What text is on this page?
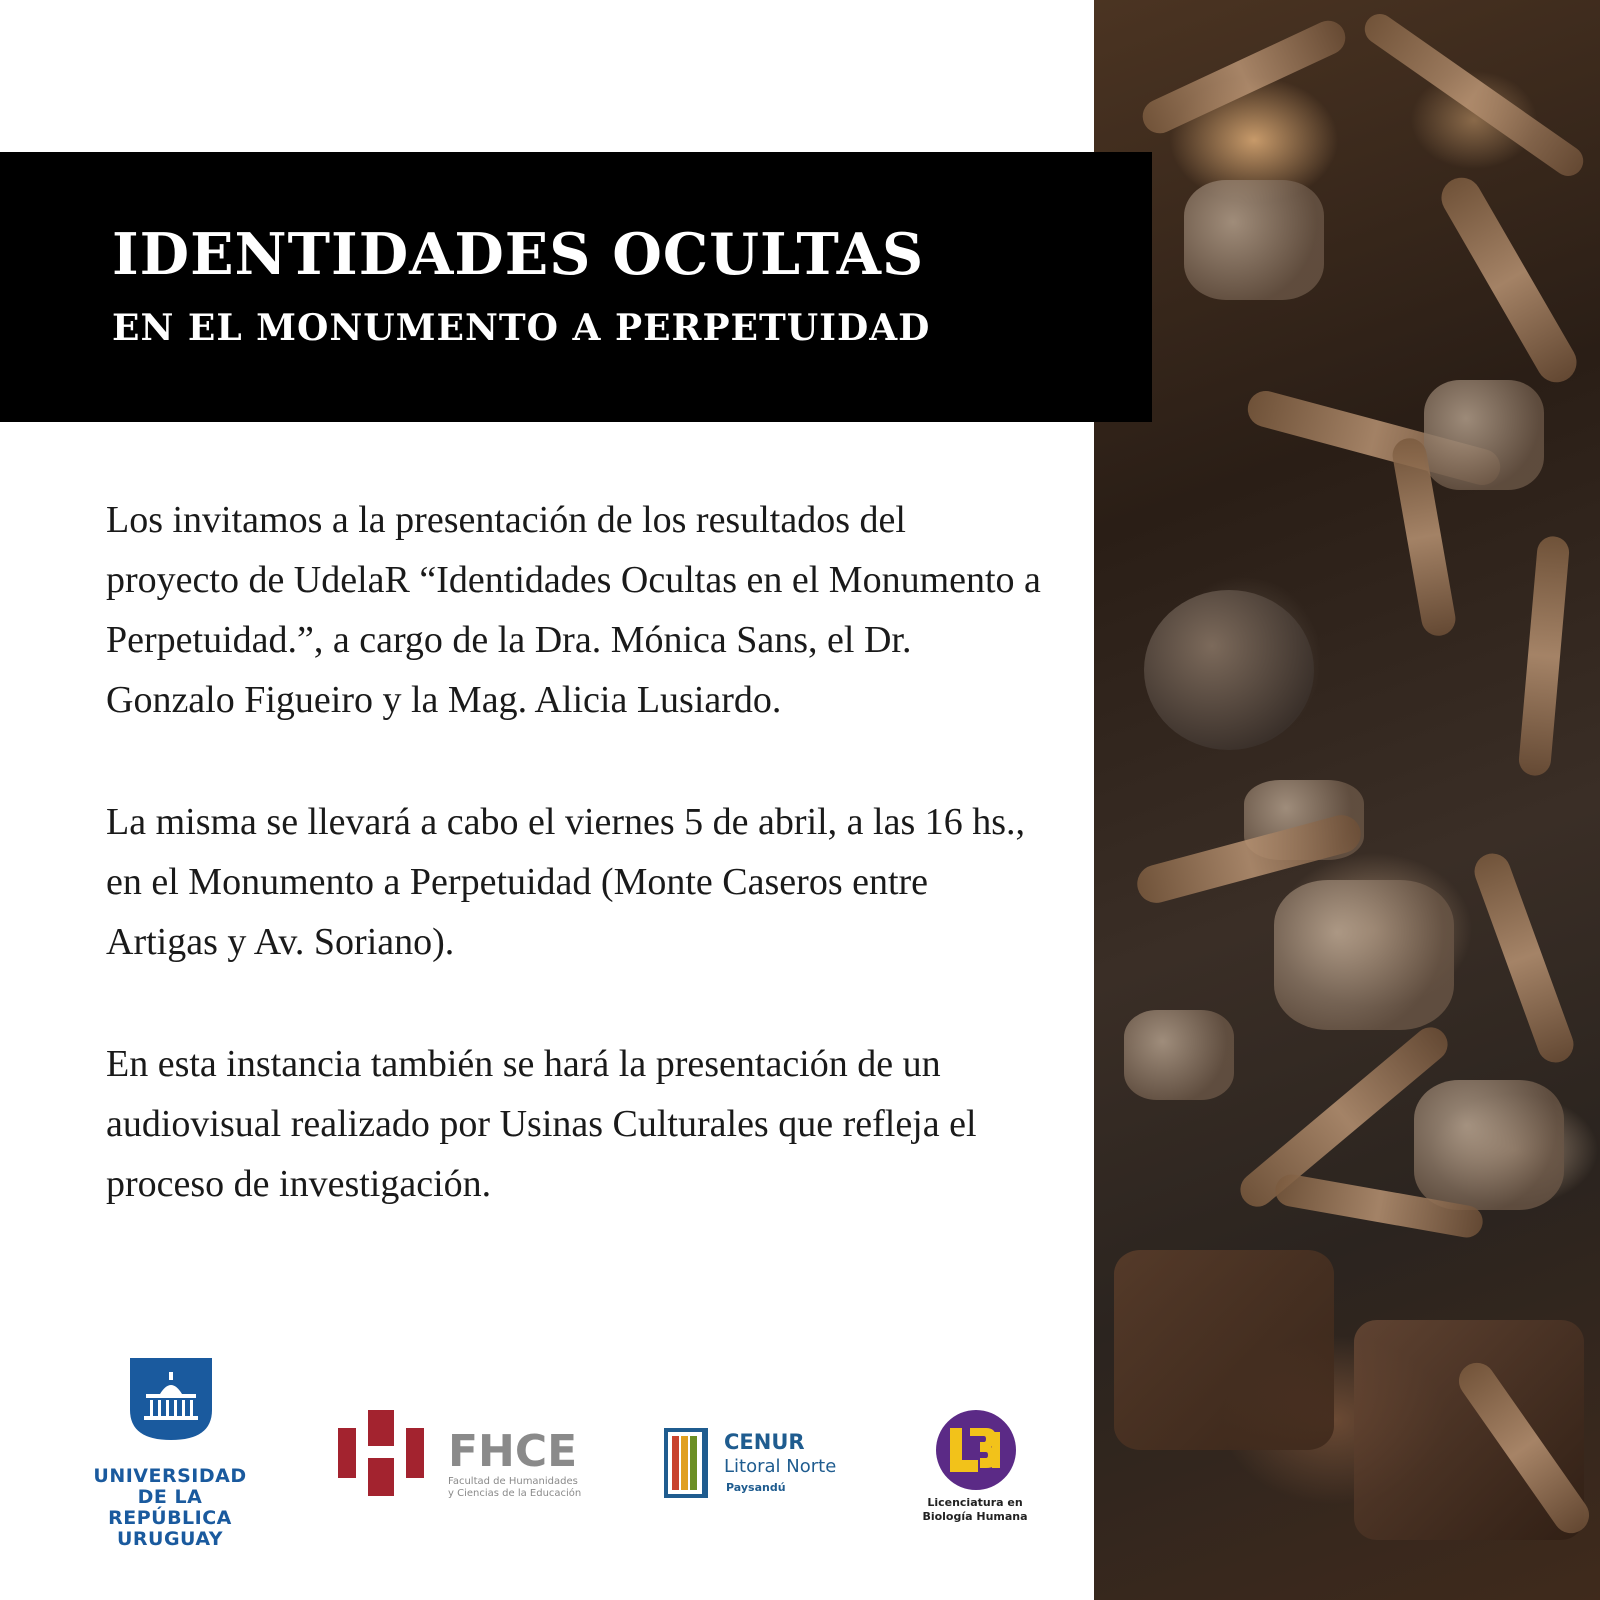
IDENTIDADES OCULTAS
EN EL MONUMENTO A PERPETUIDAD

Los invitamos a la presentación de los resultados del proyecto de UdelaR “Identidades Ocultas en el Monumento a Perpetuidad.”, a cargo de la Dra. Mónica Sans, el Dr. Gonzalo Figueiro y la Mag. Alicia Lusiardo.

La misma se llevará a cabo el viernes 5 de abril, a las 16 hs., en el Monumento a Perpetuidad (Monte Caseros entre Artigas y Av. Soriano).

En esta instancia también se hará la presentación de un audiovisual realizado por Usinas Culturales que refleja el proceso de investigación.

UNIVERSIDAD
DE LA REPÚBLICA
URUGUAY
FHCE
Facultad de Humanidades
y Ciencias de la Educación
CENUR
Litoral Norte
Paysandú
Licenciatura en
Biología Humana
